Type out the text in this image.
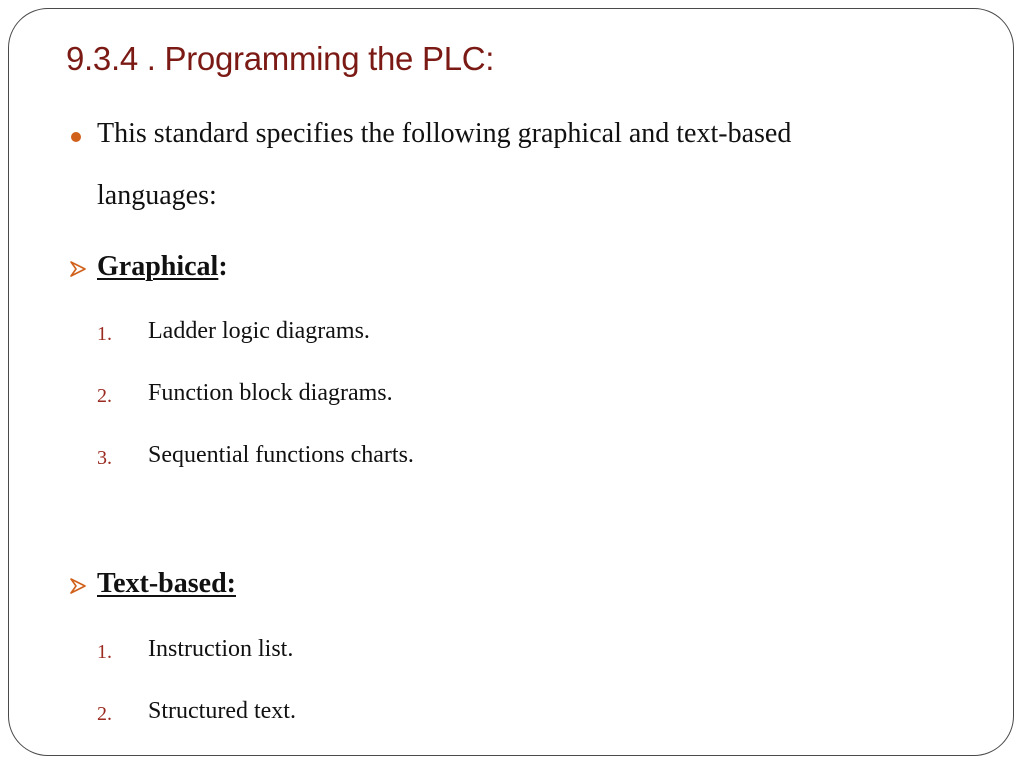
9.3.4 . Programming the PLC:
This standard specifies the following graphical and text-based
languages:
Graphical:
1. Ladder logic diagrams.
2. Function block diagrams.
3. Sequential functions charts.
Text-based:
1. Instruction list.
2. Structured text.
